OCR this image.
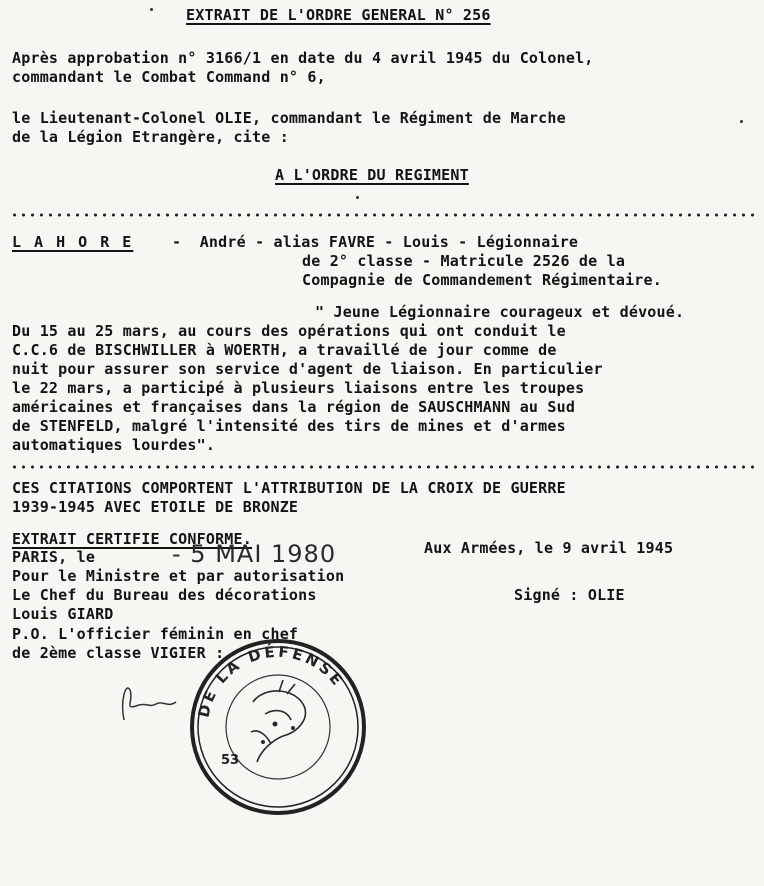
EXTRAIT DE L'ORDRE GENERAL N° 256
Après approbation n° 3166/1 en date du 4 avril 1945 du Colonel,
commandant le Combat Command n° 6,
le Lieutenant-Colonel OLIE, commandant le Régiment de Marche
de la Légion Etrangère, cite :
A L'ORDRE DU REGIMENT
L A H O R E	-  André - alias FAVRE - Louis - Légionnaire
de 2° classe - Matricule 2526 de la
Compagnie de Commandement Régimentaire.
" Jeune Légionnaire courageux et dévoué.
Du 15 au 25 mars, au cours des opérations qui ont conduit le
C.C.6 de BISCHWILLER à WOERTH, a travaillé de jour comme de
nuit pour assurer son service d'agent de liaison. En particulier
le 22 mars, a participé à plusieurs liaisons entre les troupes
américaines et françaises dans la région de SAUSCHMANN au Sud
de STENFELD, malgré l'intensité des tirs de mines et d'armes
automatiques lourdes".
CES CITATIONS COMPORTENT L'ATTRIBUTION DE LA CROIX DE GUERRE
1939-1945 AVEC ETOILE DE BRONZE
EXTRAIT CERTIFIE CONFORME.
PARIS, le	- 5 MAI 1980	Aux Armées, le 9 avril 1945
Pour le Ministre et par autorisation
Le Chef du Bureau des décorations	Signé : OLIE
Louis GIARD
P.O. L'officier féminin en chef
de 2ème classe VIGIER :
DE LA DÉFENSE
53
